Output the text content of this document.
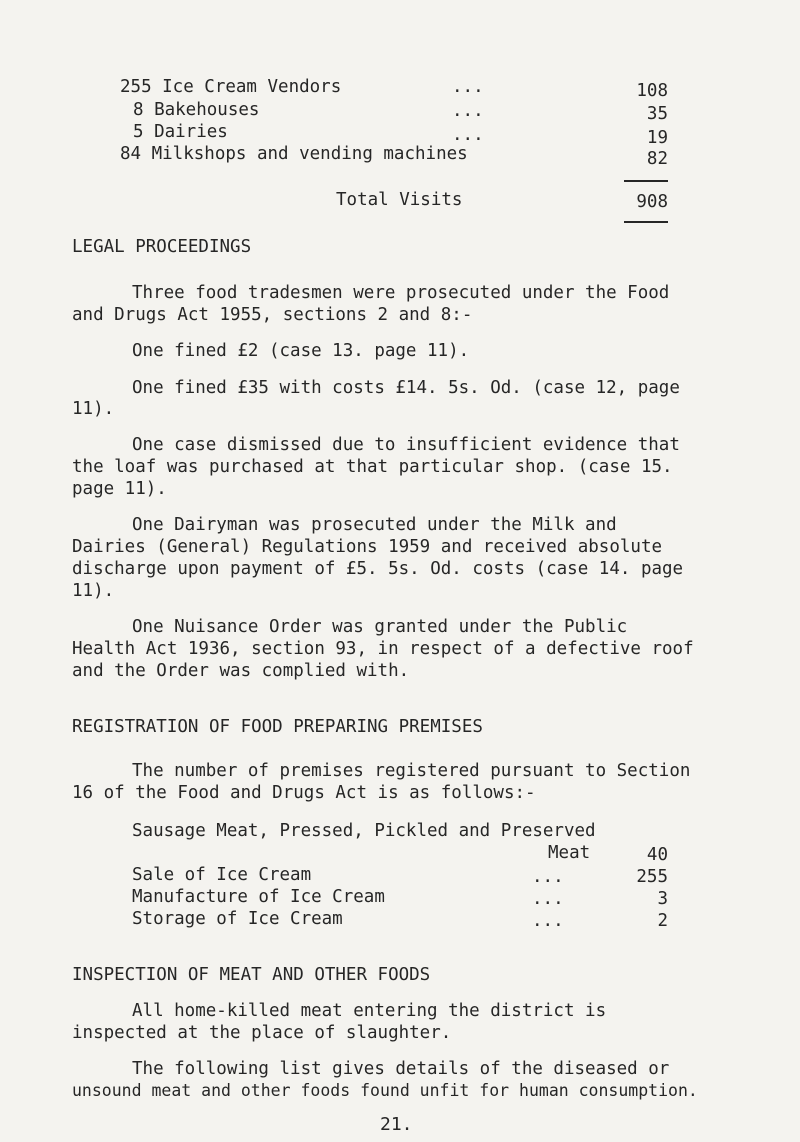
255 Ice Cream Vendors	...	108
8 Bakehouses	...	35
5 Dairies	...	19
84 Milkshops and vending machines	82
Total Visits	908
LEGAL PROCEEDINGS
Three food tradesmen were prosecuted under the Food
and Drugs Act 1955, sections 2 and 8:-
One fined £2 (case 13. page 11).
One fined £35 with costs £14. 5s. Od. (case 12, page
11).
One case dismissed due to insufficient evidence that
the loaf was purchased at that particular shop. (case 15.
page 11).
One Dairyman was prosecuted under the Milk and
Dairies (General) Regulations 1959 and received absolute
discharge upon payment of £5. 5s. Od. costs (case 14. page
11).
One Nuisance Order was granted under the Public
Health Act 1936, section 93, in respect of a defective roof
and the Order was complied with.
REGISTRATION OF FOOD PREPARING PREMISES
The number of premises registered pursuant to Section
16 of the Food and Drugs Act is as follows:-
Sausage Meat, Pressed, Pickled and Preserved
Meat	40
Sale of Ice Cream	...	255
Manufacture of Ice Cream	...	3
Storage of Ice Cream	...	2
INSPECTION OF MEAT AND OTHER FOODS
All home-killed meat entering the district is
inspected at the place of slaughter.
The following list gives details of the diseased or
unsound meat and other foods found unfit for human consumption.
21.
